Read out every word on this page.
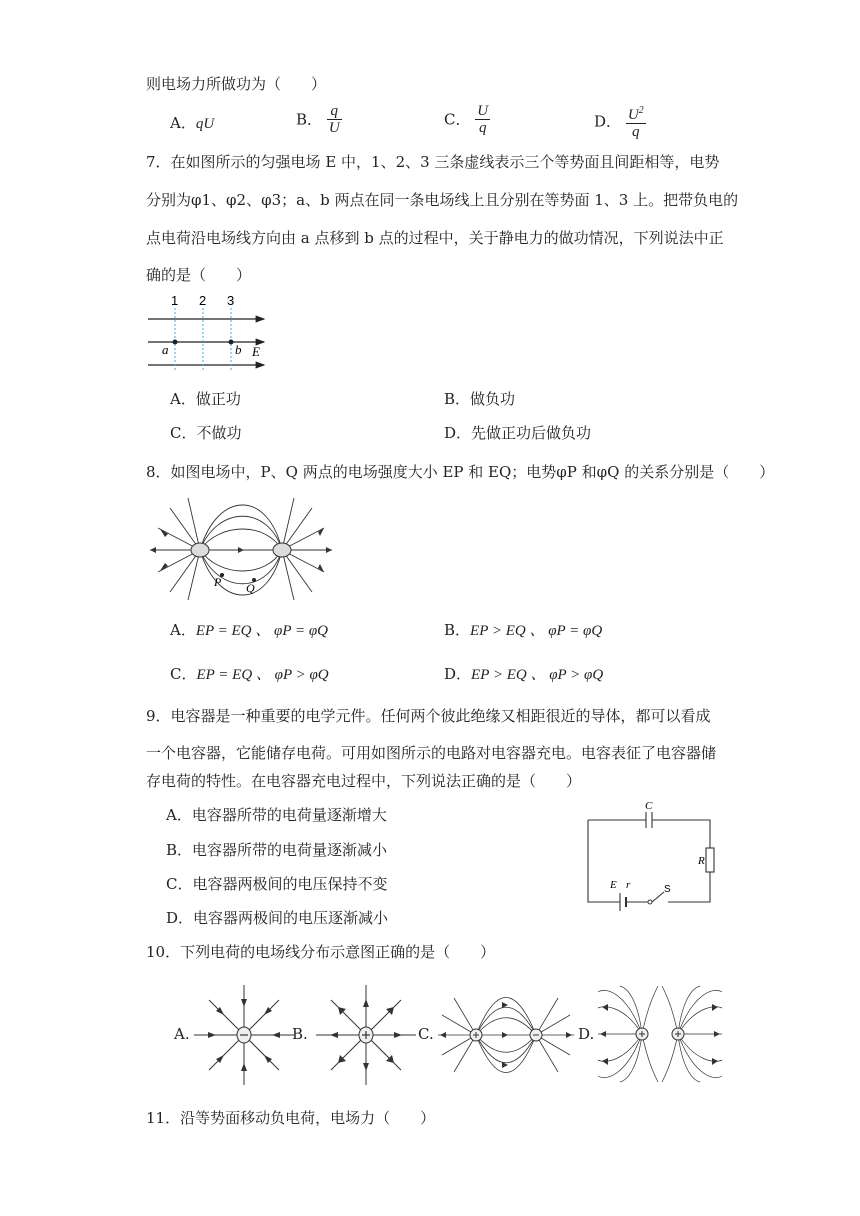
则电场力所做功为（　　）
A．qU	B． $\frac{q}{U}$	C． $\frac{U}{q}$	D． $\frac{U^2}{q}$
7．在如图所示的匀强电场 E 中，1、2、3 三条虚线表示三个等势面且间距相等，电势
分别为φ1、φ2、φ3；a、b 两点在同一条电场线上且分别在等势面 1、3 上。把带负电的
点电荷沿电场线方向由 a 点移到 b 点的过程中，关于静电力的做功情况，下列说法中正
确的是（　　）
1 2 3
a	b E
A．做正功	B．做负功
C．不做功	D．先做正功后做负功
8．如图电场中，P、Q 两点的电场强度大小 EP 和 EQ；电势φP 和φQ 的关系分别是（　　）
P Q
A．EP = EQ 、 φP = φQ	B．EP > EQ 、 φP = φQ
C．EP = EQ 、 φP > φQ	D．EP > EQ 、 φP > φQ
9．电容器是一种重要的电学元件。任何两个彼此绝缘又相距很近的导体，都可以看成
一个电容器，它能储存电荷。可用如图所示的电路对电容器充电。电容表征了电容器储
存电荷的特性。在电容器充电过程中，下列说法正确的是（　　）
A．电容器所带的电荷量逐渐增大
B．电容器所带的电荷量逐渐减小
C．电容器两极间的电压保持不变
D．电容器两极间的电压逐渐减小
C
R
E r	S
10．下列电荷的电场线分布示意图正确的是（　　）
A.	B.	C.	D.
11．沿等势面移动负电荷，电场力（　　）
